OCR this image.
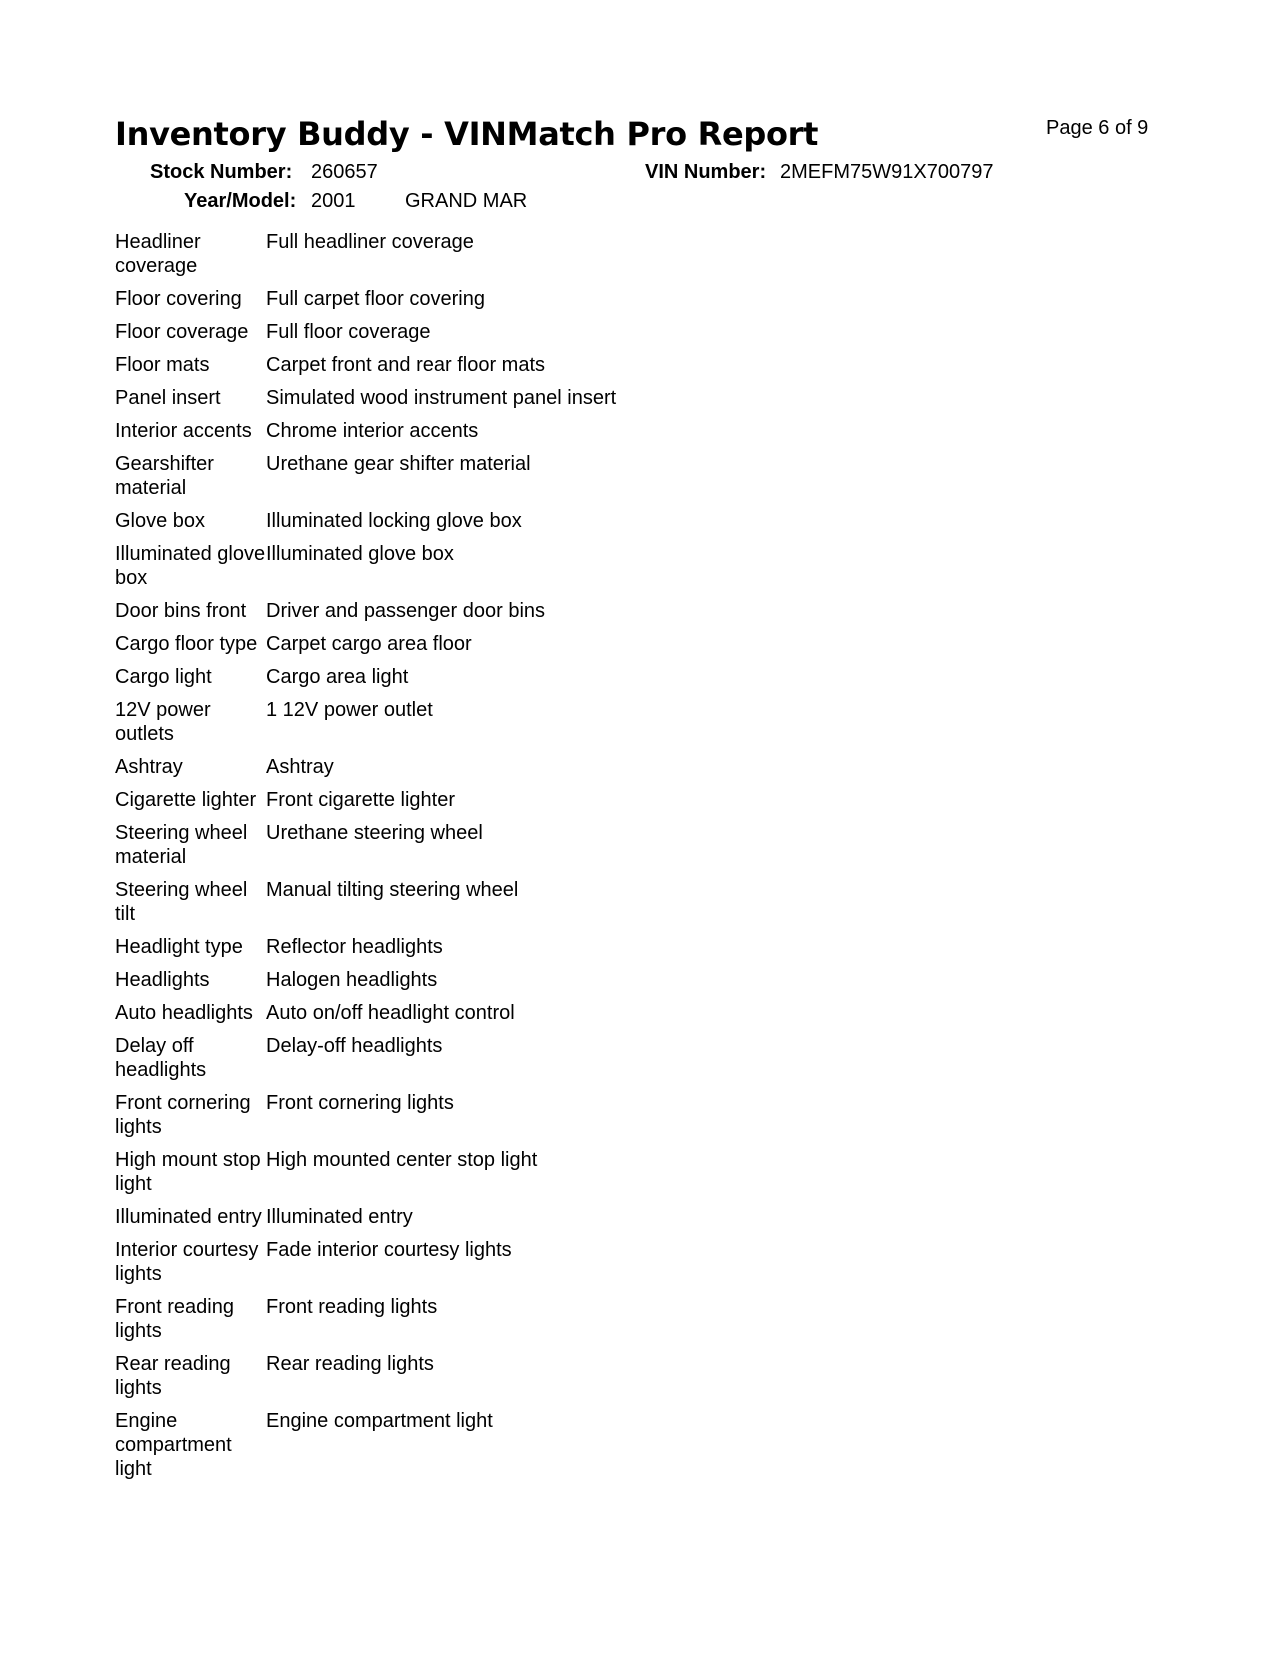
Inventory Buddy - VINMatch Pro Report	Page 6 of 9
Stock Number: 260657	VIN Number: 2MEFM75W91X700797
Year/Model: 2001 GRAND MAR
Headliner coverage	Full headliner coverage
Floor covering	Full carpet floor covering
Floor coverage	Full floor coverage
Floor mats	Carpet front and rear floor mats
Panel insert	Simulated wood instrument panel insert
Interior accents	Chrome interior accents
Gearshifter material	Urethane gear shifter material
Glove box	Illuminated locking glove box
Illuminated glove box	Illuminated glove box
Door bins front	Driver and passenger door bins
Cargo floor type	Carpet cargo area floor
Cargo light	Cargo area light
12V power outlets	1 12V power outlet
Ashtray	Ashtray
Cigarette lighter	Front cigarette lighter
Steering wheel material	Urethane steering wheel
Steering wheel tilt	Manual tilting steering wheel
Headlight type	Reflector headlights
Headlights	Halogen headlights
Auto headlights	Auto on/off headlight control
Delay off headlights	Delay-off headlights
Front cornering lights	Front cornering lights
High mount stop light	High mounted center stop light
Illuminated entry	Illuminated entry
Interior courtesy lights	Fade interior courtesy lights
Front reading lights	Front reading lights
Rear reading lights	Rear reading lights
Engine compartment light	Engine compartment light
